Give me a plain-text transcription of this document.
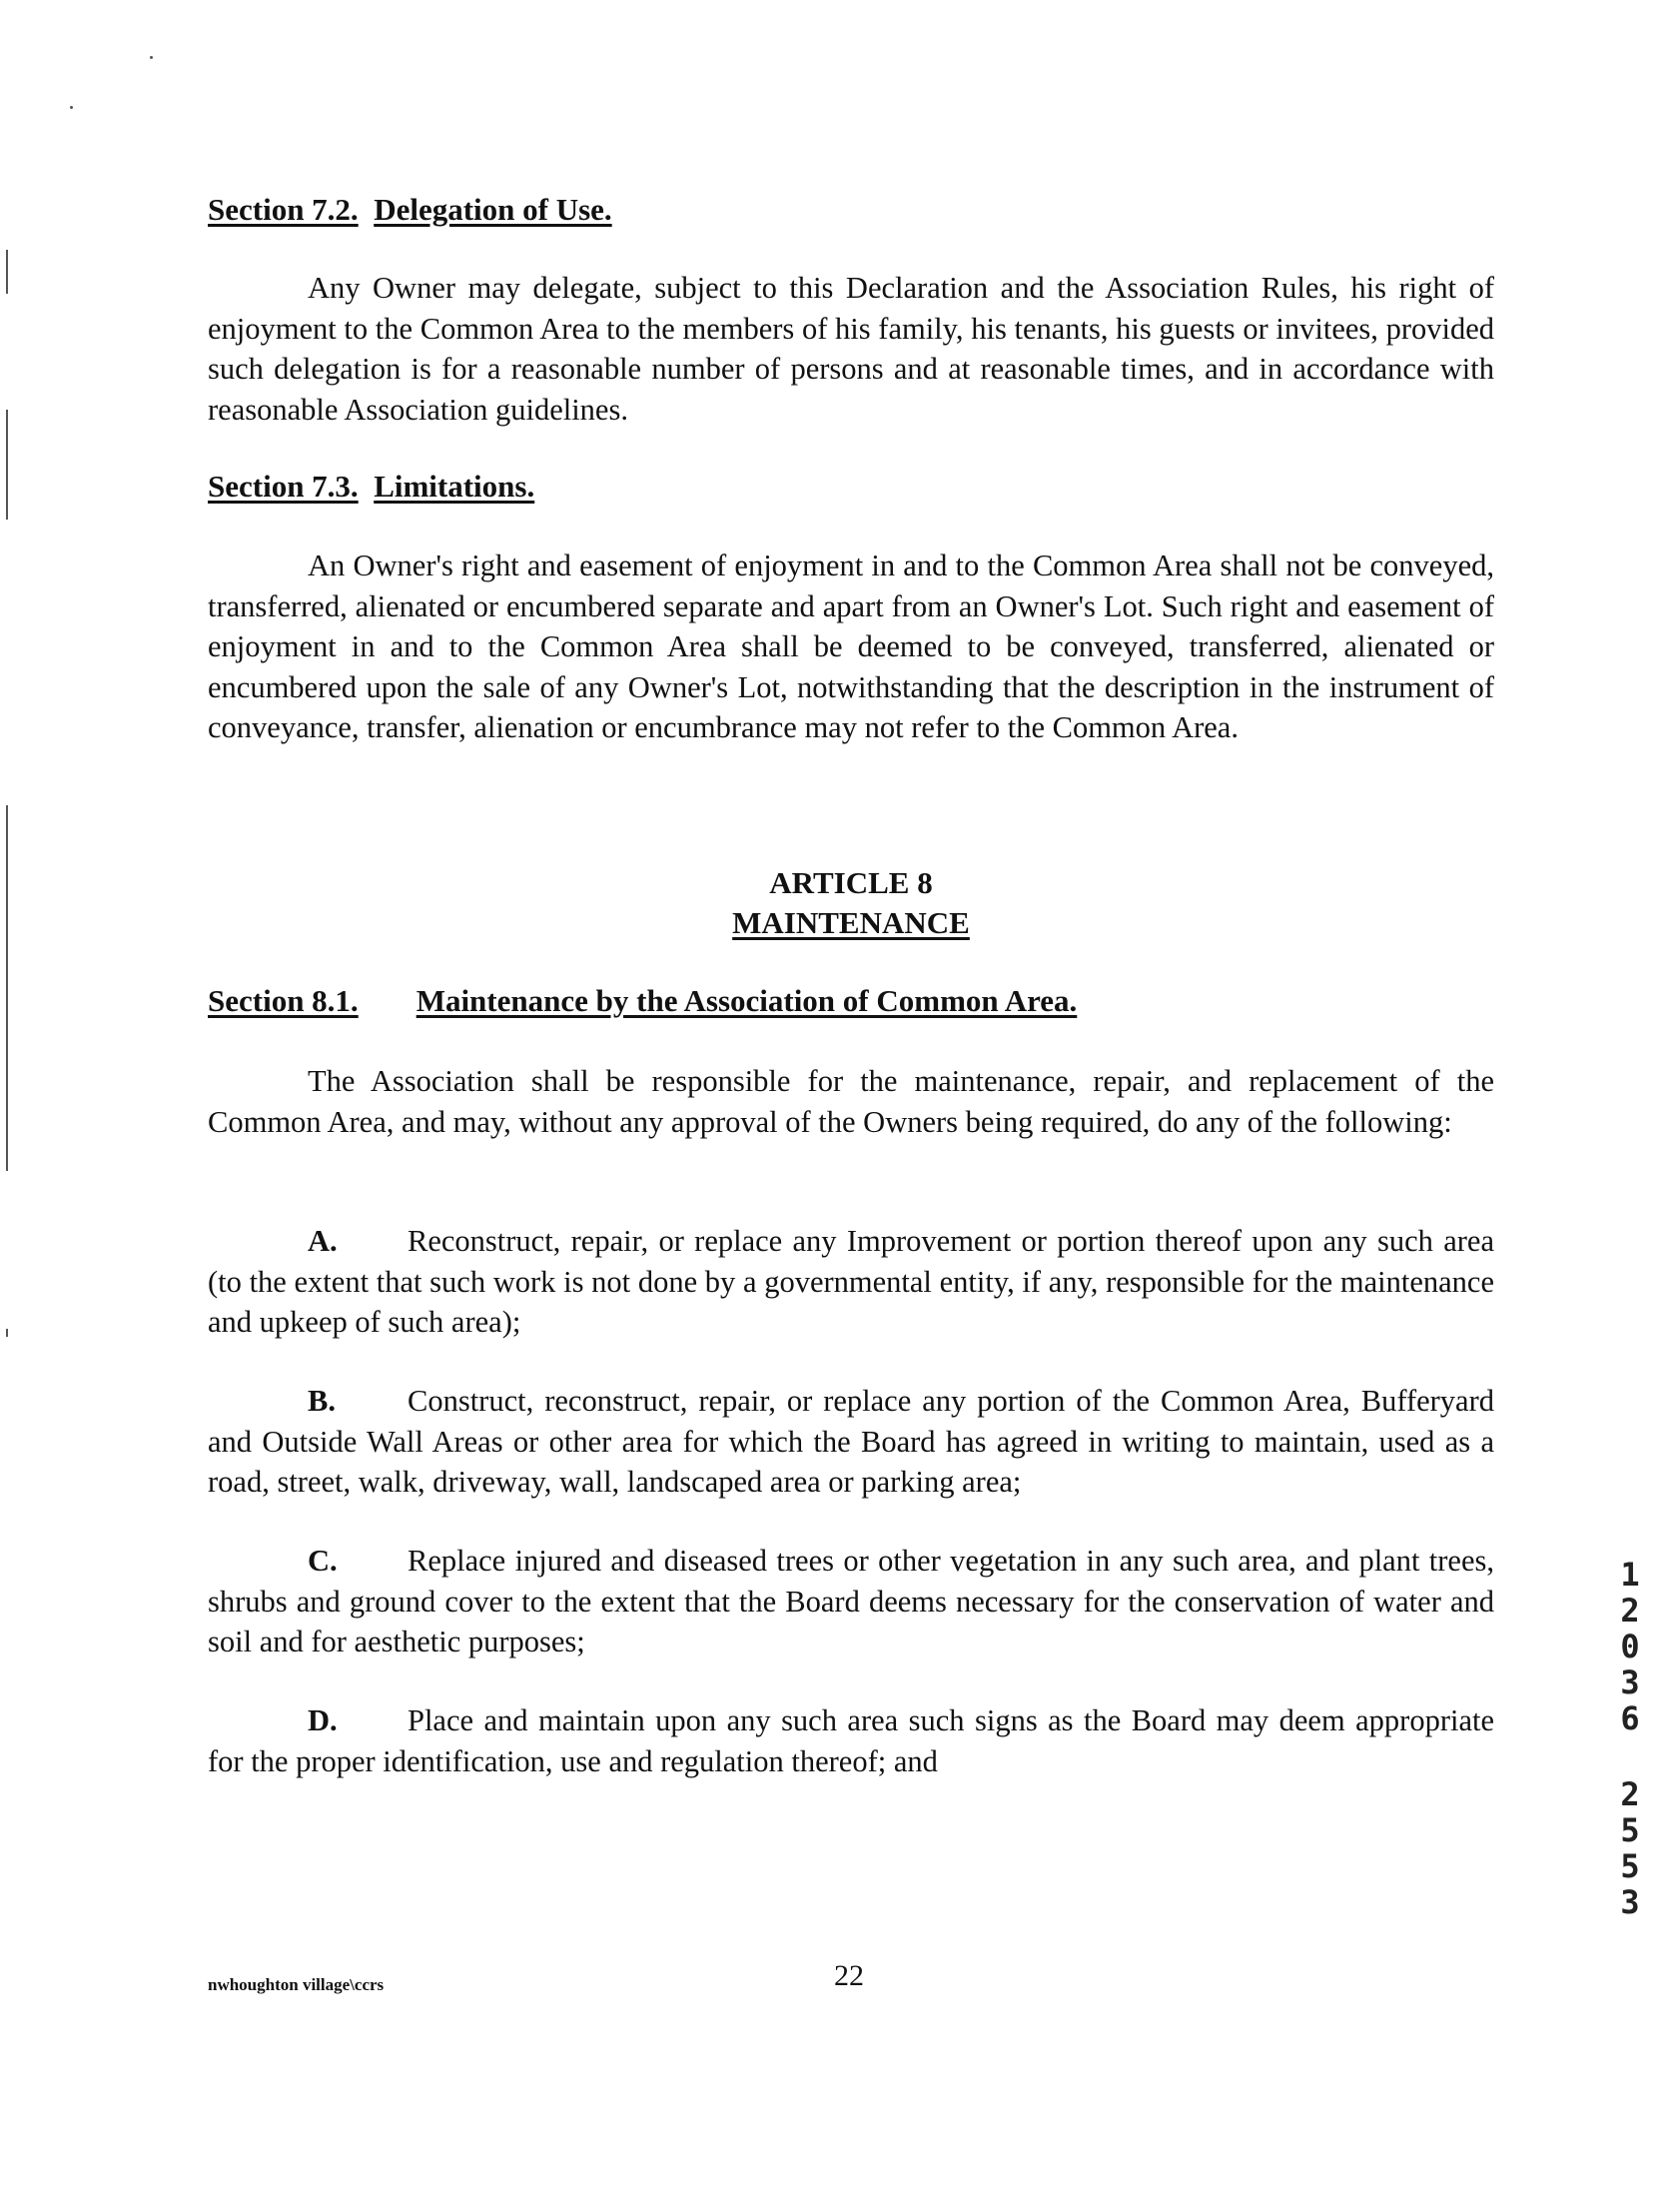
Section 7.2. Delegation of Use.

Any Owner may delegate, subject to this Declaration and the Association Rules, his right of enjoyment to the Common Area to the members of his family, his tenants, his guests or invitees, provided such delegation is for a reasonable number of persons and at reasonable times, and in accordance with reasonable Association guidelines.

Section 7.3. Limitations.

An Owner's right and easement of enjoyment in and to the Common Area shall not be conveyed, transferred, alienated or encumbered separate and apart from an Owner's Lot. Such right and easement of enjoyment in and to the Common Area shall be deemed to be conveyed, transferred, alienated or encumbered upon the sale of any Owner's Lot, notwithstanding that the description in the instrument of conveyance, transfer, alienation or encumbrance may not refer to the Common Area.

ARTICLE 8
MAINTENANCE
Section 8.1. Maintenance by the Association of Common Area.

The Association shall be responsible for the maintenance, repair, and replacement of the Common Area, and may, without any approval of the Owners being required, do any of the following:

A. Reconstruct, repair, or replace any Improvement or portion thereof upon any such area (to the extent that such work is not done by a governmental entity, if any, responsible for the maintenance and upkeep of such area);

B. Construct, reconstruct, repair, or replace any portion of the Common Area, Bufferyard and Outside Wall Areas or other area for which the Board has agreed in writing to maintain, used as a road, street, walk, driveway, wall, landscaped area or parking area;

C. Replace injured and diseased trees or other vegetation in any such area, and plant trees, shrubs and ground cover to the extent that the Board deems necessary for the conservation of water and soil and for aesthetic purposes;

D. Place and maintain upon any such area such signs as the Board may deem appropriate for the proper identification, use and regulation thereof; and

1
2
0
3
6
2
5
5
3
nwhoughton village\ccrs	22
